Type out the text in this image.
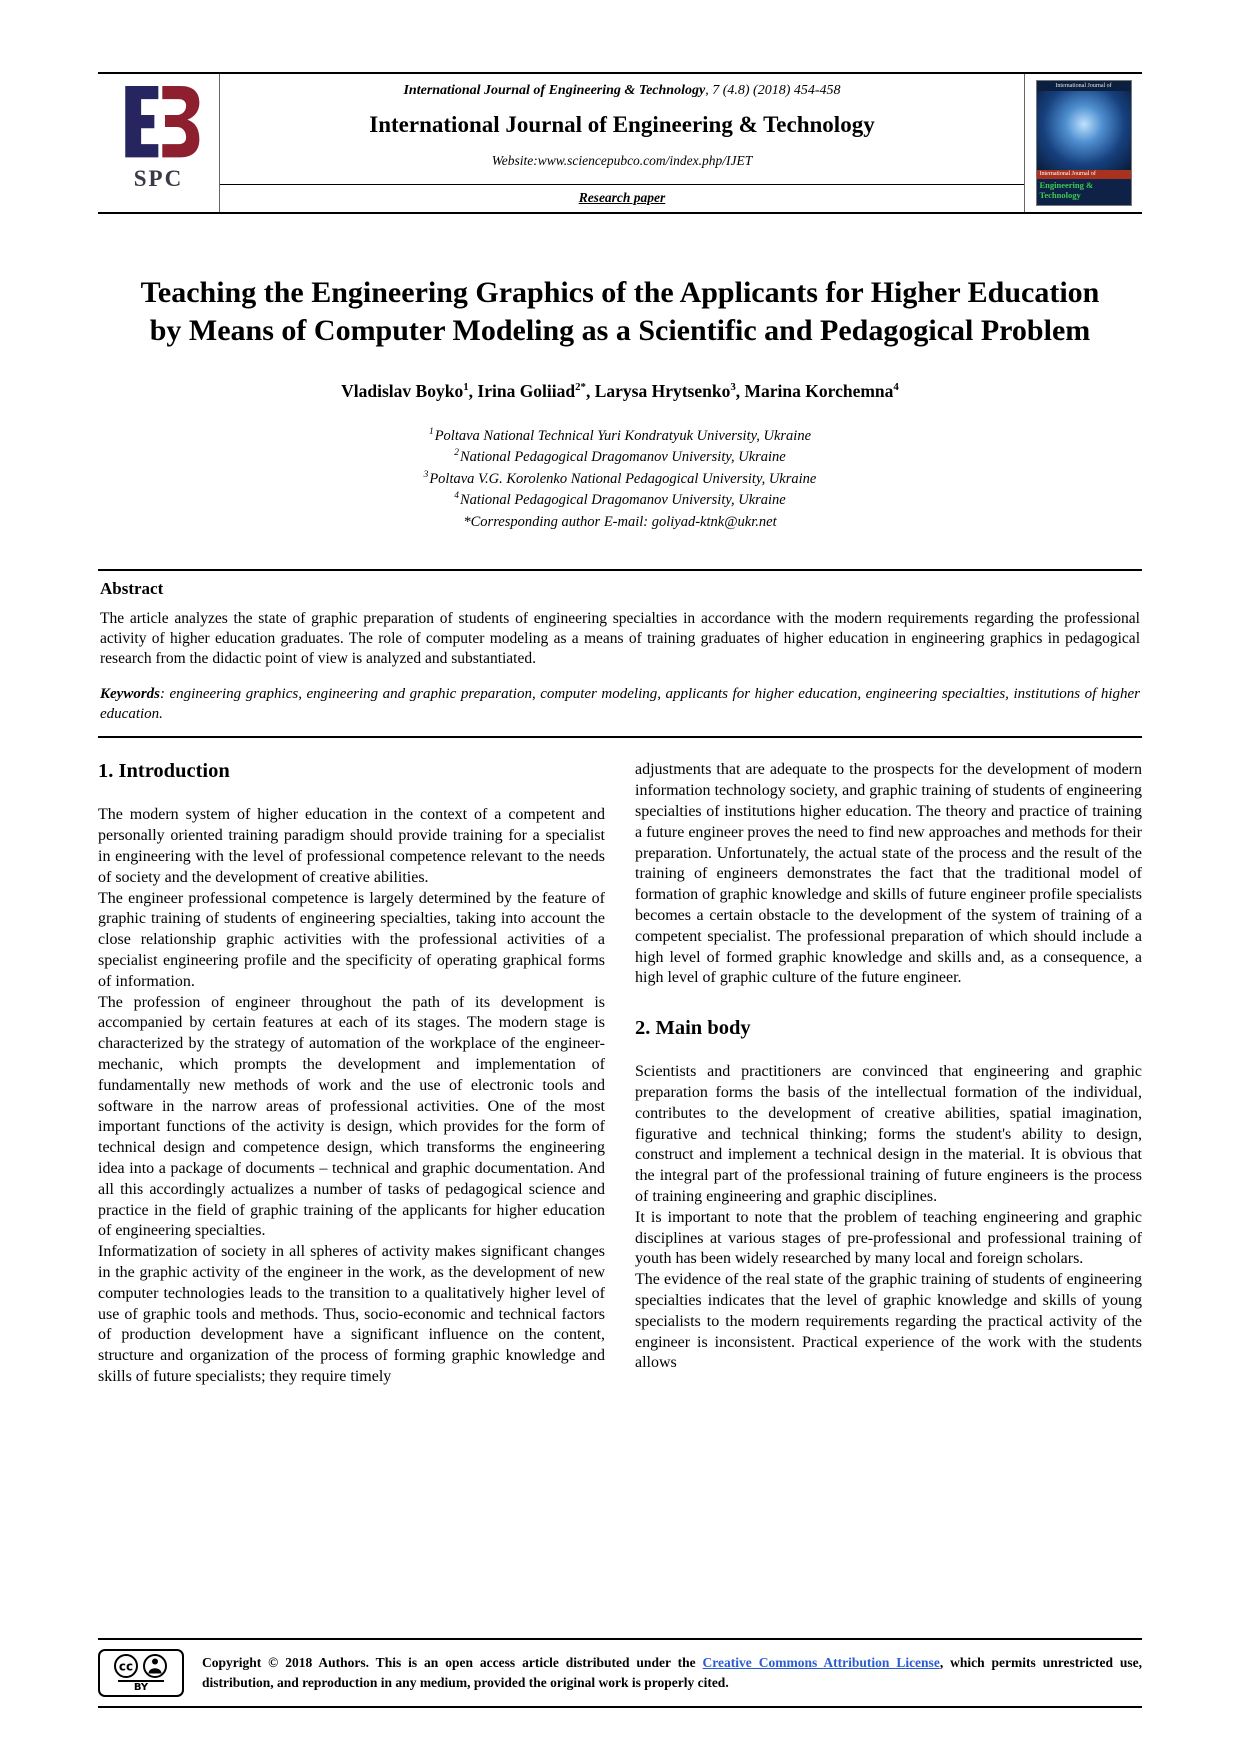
SPC
International Journal of Engineering & Technology, 7 (4.8) (2018) 454-458
International Journal of Engineering & Technology
Website:www.sciencepubco.com/index.php/IJET
Research paper
International Journal of
International Journal of
Engineering & Technology
Teaching the Engineering Graphics of the Applicants for Higher Education by Means of Computer Modeling as a Scientific and Pedagogical Problem
Vladislav Boyko$^1$, Irina Goliiad$^{2*}$, Larysa Hrytsenko$^3$, Marina Korchemna$^4$
$^1$Poltava National Technical Yuri Kondratyuk University, Ukraine
$^2$National Pedagogical Dragomanov University, Ukraine
$^3$Poltava V.G. Korolenko National Pedagogical University, Ukraine
$^4$National Pedagogical Dragomanov University, Ukraine
*Corresponding author E-mail: goliyad-ktnk@ukr.net
Abstract

The article analyzes the state of graphic preparation of students of engineering specialties in accordance with the modern requirements regarding the professional activity of higher education graduates. The role of computer modeling as a means of training graduates of higher education in engineering graphics in pedagogical research from the didactic point of view is analyzed and substantiated.

Keywords: engineering graphics, engineering and graphic preparation, computer modeling, applicants for higher education, engineering specialties, institutions of higher education.

1. Introduction

The modern system of higher education in the context of a competent and personally oriented training paradigm should provide training for a specialist in engineering with the level of professional competence relevant to the needs of society and the development of creative abilities.

The engineer professional competence is largely determined by the feature of graphic training of students of engineering specialties, taking into account the close relationship graphic activities with the professional activities of a specialist engineering profile and the specificity of operating graphical forms of information.

The profession of engineer throughout the path of its development is accompanied by certain features at each of its stages. The modern stage is characterized by the strategy of automation of the workplace of the engineer-mechanic, which prompts the development and implementation of fundamentally new methods of work and the use of electronic tools and software in the narrow areas of professional activities. One of the most important functions of the activity is design, which provides for the form of technical design and competence design, which transforms the engineering idea into a package of documents – technical and graphic documentation. And all this accordingly actualizes a number of tasks of pedagogical science and practice in the field of graphic training of the applicants for higher education of engineering specialties.

Informatization of society in all spheres of activity makes significant changes in the graphic activity of the engineer in the work, as the development of new computer technologies leads to the transition to a qualitatively higher level of use of graphic tools and methods. Thus, socio-economic and technical factors of production development have a significant influence on the content, structure and organization of the process of forming graphic knowledge and skills of future specialists; they require timely

adjustments that are adequate to the prospects for the development of modern information technology society, and graphic training of students of engineering specialties of institutions higher education. The theory and practice of training a future engineer proves the need to find new approaches and methods for their preparation. Unfortunately, the actual state of the process and the result of the training of engineers demonstrates the fact that the traditional model of formation of graphic knowledge and skills of future engineer profile specialists becomes a certain obstacle to the development of the system of training of a competent specialist. The professional preparation of which should include a high level of formed graphic knowledge and skills and, as a consequence, a high level of graphic culture of the future engineer.

2. Main body

Scientists and practitioners are convinced that engineering and graphic preparation forms the basis of the intellectual formation of the individual, contributes to the development of creative abilities, spatial imagination, figurative and technical thinking; forms the student's ability to design, construct and implement a technical design in the material. It is obvious that the integral part of the professional training of future engineers is the process of training engineering and graphic disciplines.

It is important to note that the problem of teaching engineering and graphic disciplines at various stages of pre-professional and professional training of youth has been widely researched by many local and foreign scholars.

The evidence of the real state of the graphic training of students of engineering specialties indicates that the level of graphic knowledge and skills of young specialists to the modern requirements regarding the practical activity of the engineer is inconsistent. Practical experience of the work with the students allows

cc
BY

Copyright © 2018 Authors. This is an open access article distributed under the Creative Commons Attribution License, which permits unrestricted use, distribution, and reproduction in any medium, provided the original work is properly cited.
